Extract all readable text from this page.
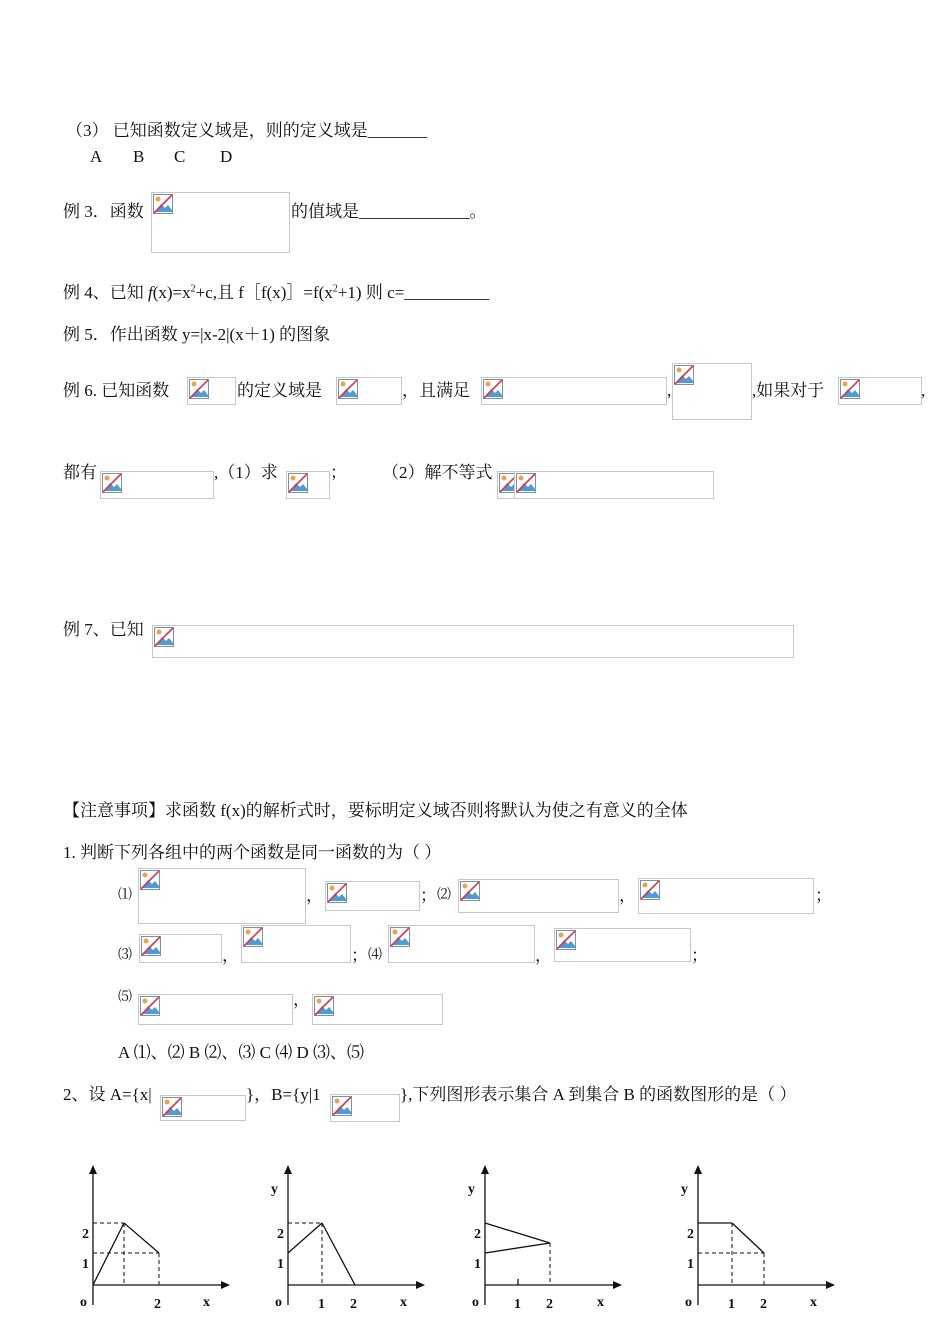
（3） 已知函数定义域是，则的定义域是_______
A B C D
例 3．函数	的值域是_____________。
例 4、已知 $f(x)=x^2+c$,且 $f[f(x)]=f(x^2+1)$ 则 c=__________
例 5．作出函数 y=|x-2|(x＋1) 的图象
例 6. 已知函数	的定义域是	，且满足	,	,如果对于	,
都有	,（1）求	； （2）解不等式
例 7、已知
【注意事项】求函数 f(x)的解析式时，要标明定义域否则将默认为使之有意义的全体
1. 判断下列各组中的两个函数是同一函数的为（ ）
⑴	，	； ⑵	，	；
⑶	，	； ⑷	，	；
⑸	，
A ⑴、⑵ B ⑵、⑶ C ⑷ D ⑶、⑸
2、设 A={x|	}，B={y|1	},下列图形表示集合 A 到集合 B 的函数图形的是（ ）
2
1
o	2	x
y
2
1
o	1 2	x
y
2
1
o	1 2	x
y
2
1
o	1 2	x
